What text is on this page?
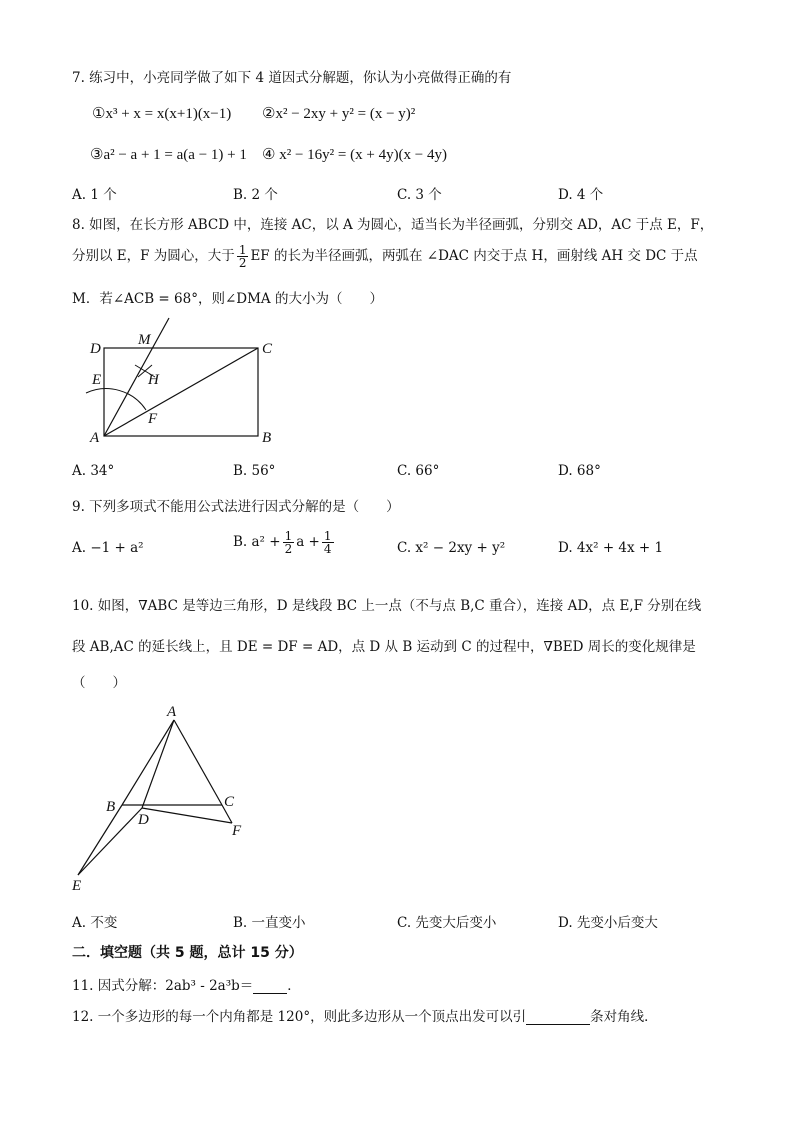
7. 练习中，小亮同学做了如下 4 道因式分解题，你认为小亮做得正确的有
①x³ + x = x(x+1)(x−1) ②x² − 2xy + y² = (x − y)²
③a² − a + 1 = a(a − 1) + 1 ④ x² − 16y² = (x + 4y)(x − 4y)
A. 1 个	B. 2 个	C. 3 个	D. 4 个
8. 如图，在长方形 ABCD 中，连接 AC，以 A 为圆心，适当长为半径画弧，分别交 AD，AC 于点 E，F，
分别以 E，F 为圆心，大于 $\frac{1}{2}$ EF 的长为半径画弧，两弧在 ∠DAC 内交于点 H，画射线 AH 交 DC 于点
M．若∠ACB = 68°，则∠DMA 的大小为（　　）
D
M
C
E	H
F
A	B
A. 34°	B. 56°	C. 66°	D. 68°
9. 下列多项式不能用公式法进行因式分解的是（　　）
A. −1 + a²	B. $a^2 + \frac{1}{2}$ $a + \frac{1}{4}$	C. x² − 2xy + y²	D. 4x² + 4x + 1
10. 如图，∇ABC 是等边三角形，D 是线段 BC 上一点（不与点 B,C 重合），连接 AD，点 E,F 分别在线
段 AB,AC 的延长线上，且 DE = DF = AD，点 D 从 B 运动到 C 的过程中，∇BED 周长的变化规律是
（　　）
A
B	C
D
F
E
A. 不变	B. 一直变小	C. 先变大后变小	D. 先变小后变大
二．填空题（共 5 题，总计 15 分）
11. 因式分解：2ab³ - 2a³b＝	．
12. 一个多边形的每一个内角都是 120°，则此多边形从一个顶点出发可以引	条对角线．
